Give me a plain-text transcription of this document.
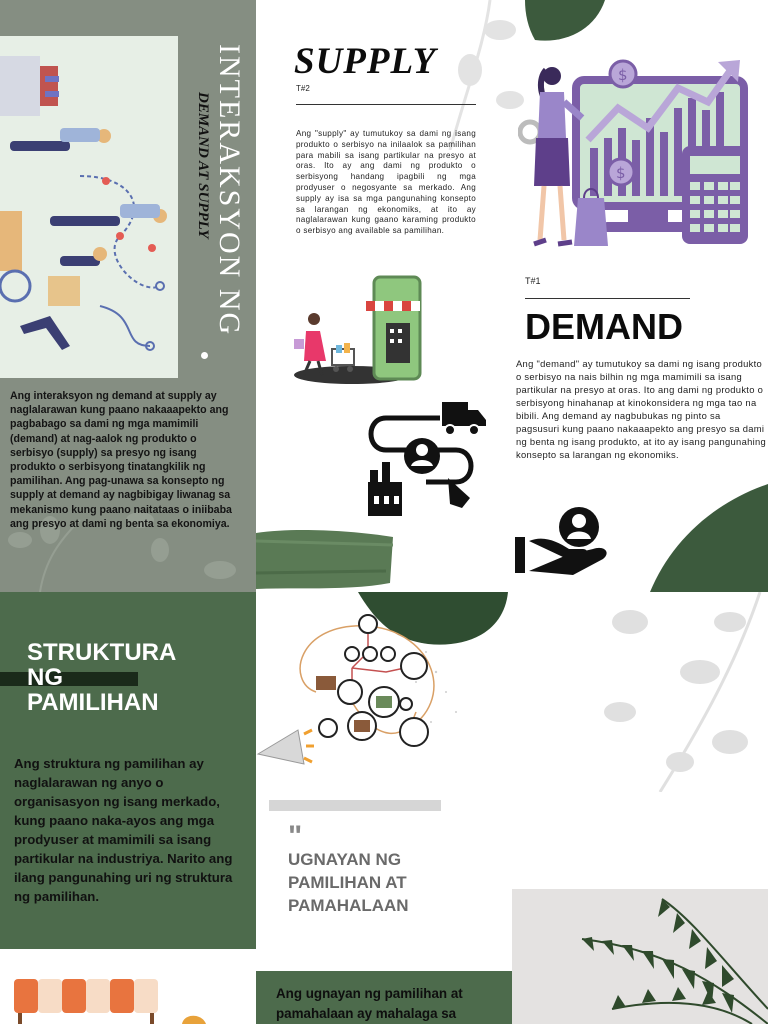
INTERAKSYON NG
DEMAND AT SUPPLY
Ang interaksyon ng demand at supply ay naglalarawan kung paano nakaaapekto ang pagbabago sa dami ng mga mamimili (demand) at nag-aalok ng produkto o serbisyo (supply) sa presyo ng isang produkto o serbisyong tinatangkilik ng pamilihan. Ang pag-unawa sa konsepto ng supply at demand ay nagbibigay liwanag sa mekanismo kung paano naitataas o iniibaba ang presyo at dami ng benta sa ekonomiya.
SUPPLY
T#2
Ang "supply" ay tumutukoy sa dami ng isang produkto o serbisyo na inilaalok sa pamilihan para mabili sa isang partikular na presyo at oras. Ito ay ang dami ng produkto o serbisyong handang ipagbili ng mga prodyuser o negosyante sa merkado. Ang supply ay isa sa mga pangunahing konsepto sa larangan ng ekonomiks, at ito ay naglalarawan kung gaano karaming produkto o serbisyo ang available sa pamilihan.
$
$
T#1
DEMAND
Ang "demand" ay tumutukoy sa dami ng isang produkto o serbisyo na nais bilhin ng mga mamimili sa isang partikular na presyo at oras. Ito ang dami ng produkto o serbisyong hinahanap at kinokonsidera ng mga tao na bibili. Ang demand ay nagbubukas ng pinto sa pagsusuri kung paano nakaaapekto ang presyo sa dami ng benta ng isang produkto, at ito ay isang pangunahing konsepto sa larangan ng ekonomiks.
STRUKTURA
NG
PAMILIHAN
Ang struktura ng pamilihan ay naglalarawan ng anyo o organisasyon ng isang merkado, kung paano naka-ayos ang mga prodyuser at mamimili sa isang partikular na industriya. Narito ang ilang pangunahing uri ng struktura ng pamilihan.
"
UGNAYAN NG
PAMILIHAN AT
PAMAHALAAN
Ang ugnayan ng pamilihan at pamahalaan ay mahalaga sa
